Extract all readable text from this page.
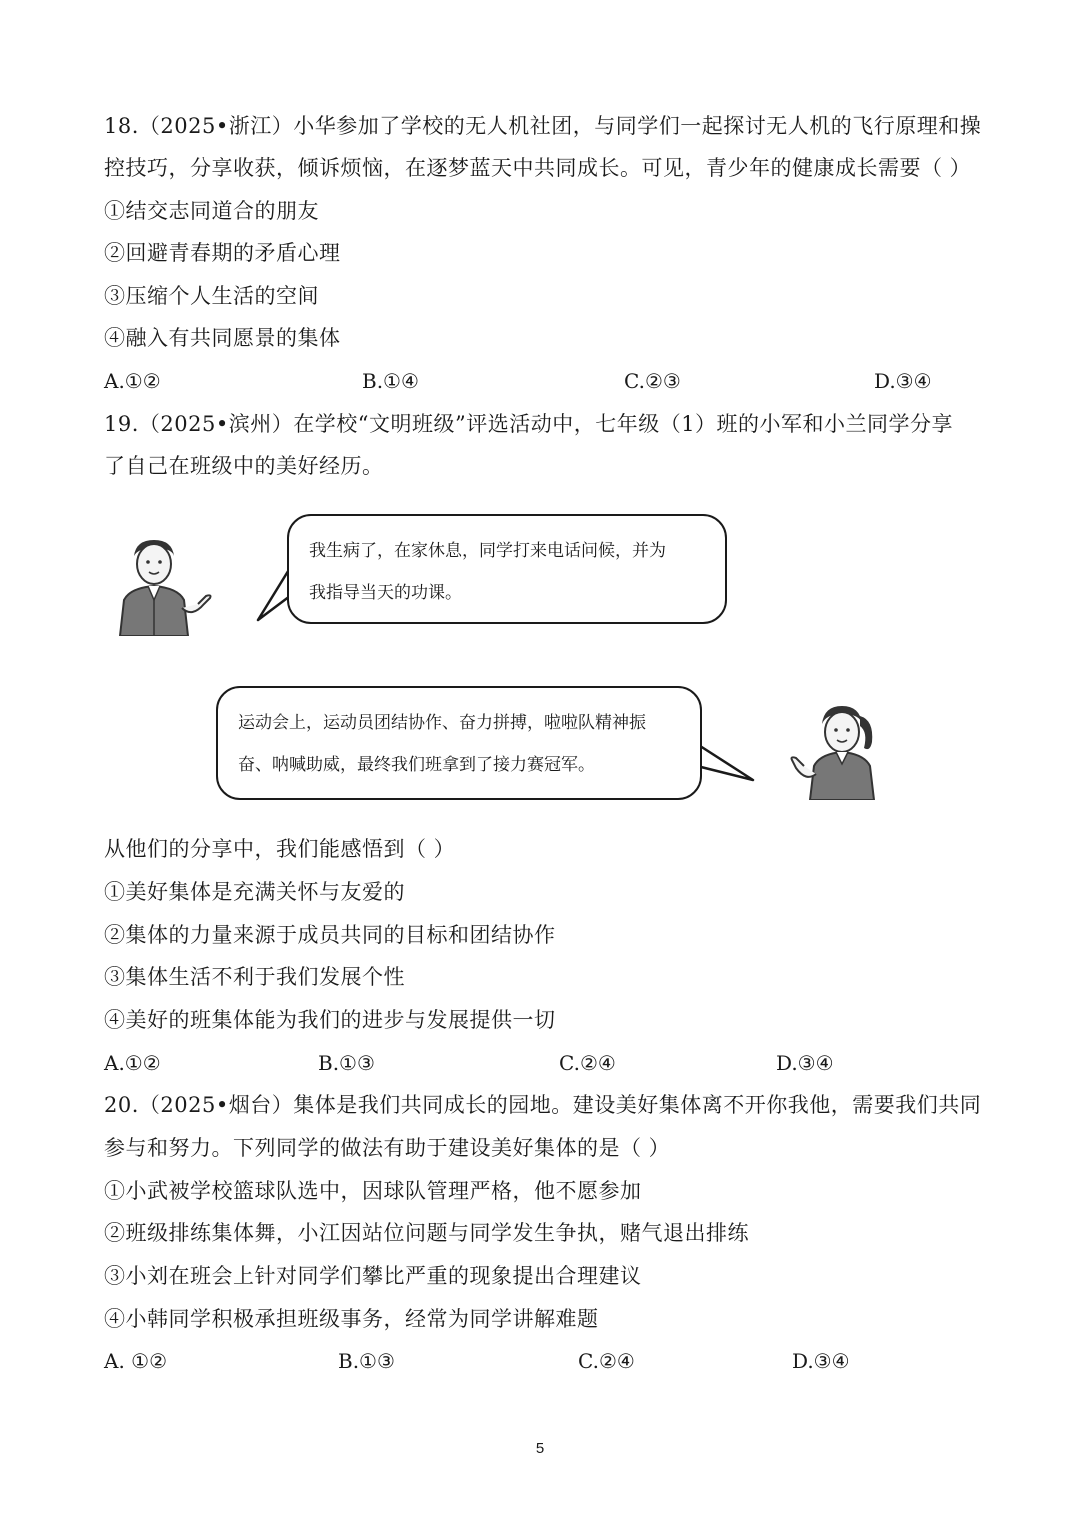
18.（2025•浙江）小华参加了学校的无人机社团，与同学们一起探讨无人机的飞行原理和操
控技巧，分享收获，倾诉烦恼，在逐梦蓝天中共同成长。可见，青少年的健康成长需要（ ）
①结交志同道合的朋友
②回避青春期的矛盾心理
③压缩个人生活的空间
④融入有共同愿景的集体
A.①②	B.①④	C.②③	D.③④
19.（2025•滨州）在学校“文明班级”评选活动中，七年级（1）班的小军和小兰同学分享
了自己在班级中的美好经历。
我生病了，在家休息，同学打来电话问候，并为
我指导当天的功课。
运动会上，运动员团结协作、奋力拼搏，啦啦队精神振
奋、呐喊助威，最终我们班拿到了接力赛冠军。
从他们的分享中，我们能感悟到（ ）
①美好集体是充满关怀与友爱的
②集体的力量来源于成员共同的目标和团结协作
③集体生活不利于我们发展个性
④美好的班集体能为我们的进步与发展提供一切
A.①②	B.①③	C.②④	D.③④
20.（2025•烟台）集体是我们共同成长的园地。建设美好集体离不开你我他，需要我们共同
参与和努力。下列同学的做法有助于建设美好集体的是（ ）
①小武被学校篮球队选中，因球队管理严格，他不愿参加
②班级排练集体舞，小江因站位问题与同学发生争执，赌气退出排练
③小刘在班会上针对同学们攀比严重的现象提出合理建议
④小韩同学积极承担班级事务，经常为同学讲解难题
A. ①②	B.①③	C.②④	D.③④
5
